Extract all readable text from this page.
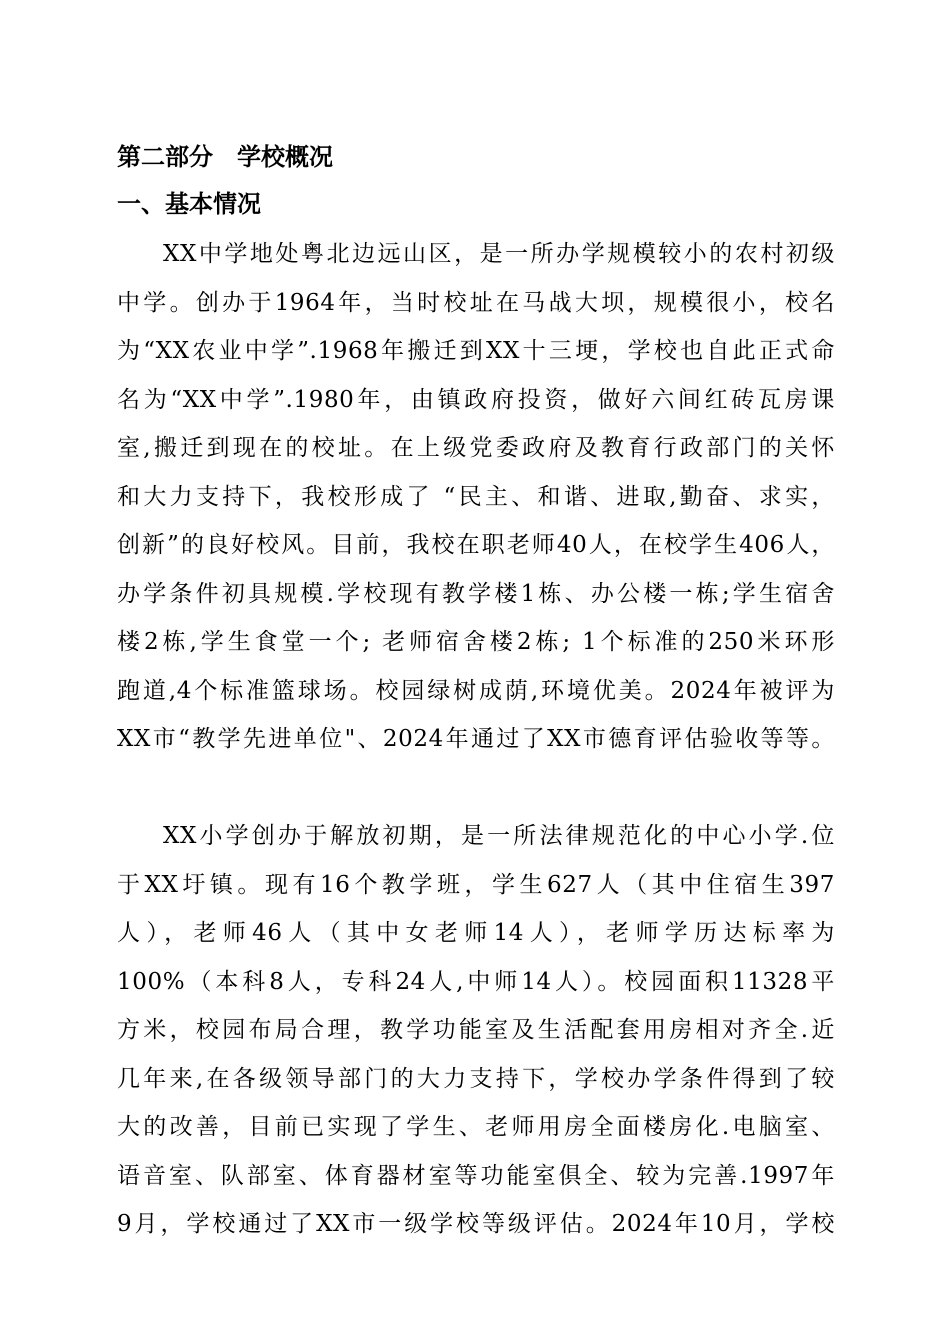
第二部分　学校概况
一、基本情况
XX中学地处粤北边远山区，是一所办学规模较小的农村初级
中学。创办于1964年，当时校址在马战大坝，规模很小，校名
为“XX农业中学”.1968年搬迁到XX十三埂，学校也自此正式命
名为“XX中学”.1980年，由镇政府投资，做好六间红砖瓦房课
室,搬迁到现在的校址。在上级党委政府及教育行政部门的关怀
和大力支持下，我校形成了 “民主、和谐、进取,勤奋、求实，
创新”的良好校风。目前，我校在职老师40人，在校学生406人，
办学条件初具规模.学校现有教学楼1栋、办公楼一栋;学生宿舍
楼2栋,学生食堂一个; 老师宿舍楼2栋; 1个标准的250米环形
跑道,4个标准篮球场。校园绿树成荫,环境优美。2024年被评为
XX市“教学先进单位"、2024年通过了XX市德育评估验收等等。
XX小学创办于解放初期，是一所法律规范化的中心小学.位
于XX圩镇。现有16个教学班，学生627人（其中住宿生397
人），老师46人（其中女老师14人），老师学历达标率为
100%（本科8人，专科24人,中师14人）。校园面积11328平
方米，校园布局合理，教学功能室及生活配套用房相对齐全.近
几年来,在各级领导部门的大力支持下，学校办学条件得到了较
大的改善，目前已实现了学生、老师用房全面楼房化.电脑室、
语音室、队部室、体育器材室等功能室俱全、较为完善.1997年
9月，学校通过了XX市一级学校等级评估。2024年10月，学校
